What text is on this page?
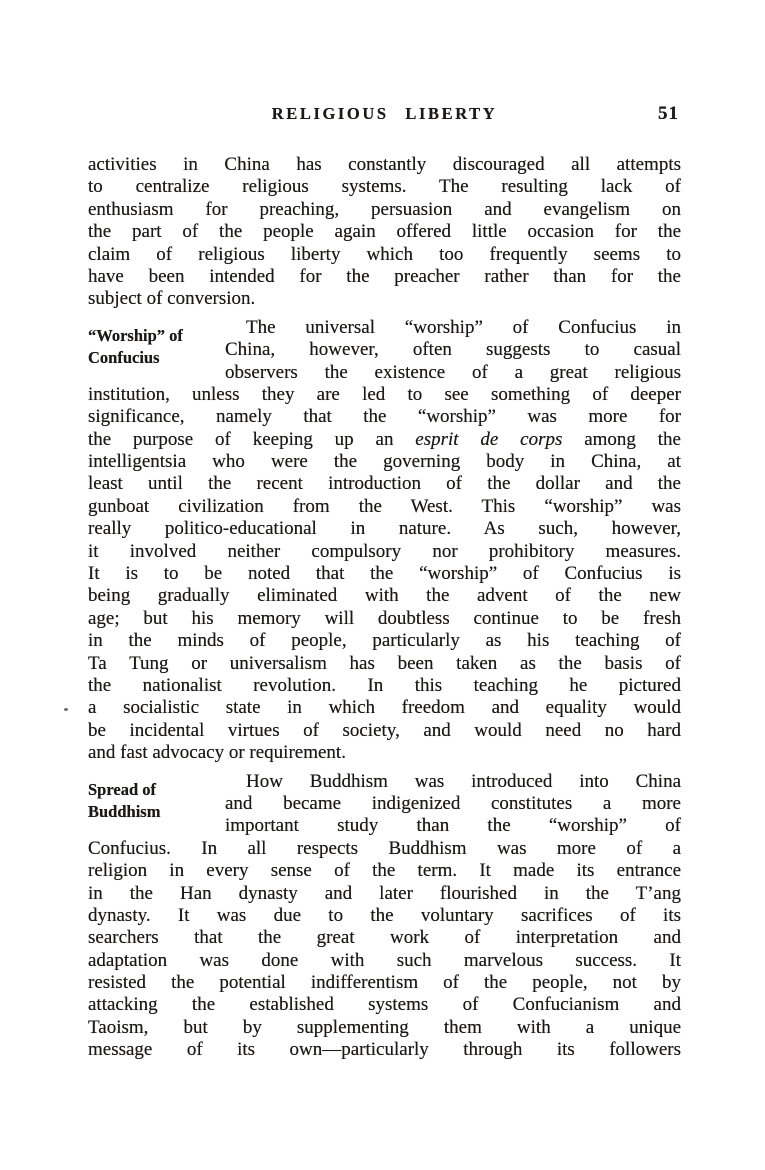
RELIGIOUS LIBERTY	51
activities in China has constantly discouraged all attempts
to centralize religious systems. The resulting lack of
enthusiasm for preaching, persuasion and evangelism on
the part of the people again offered little occasion for the
claim of religious liberty which too frequently seems to
have been intended for the preacher rather than for the
subject of conversion.
“Worship” of
Confucius
The universal “worship” of Confucius in
China, however, often suggests to casual
observers the existence of a great religious
institution, unless they are led to see something of deeper
significance, namely that the “worship” was more for
the purpose of keeping up an esprit de corps among the
intelligentsia who were the governing body in China, at
least until the recent introduction of the dollar and the
gunboat civilization from the West. This “worship” was
really politico-educational in nature. As such, however,
it involved neither compulsory nor prohibitory measures.
It is to be noted that the “worship” of Confucius is
being gradually eliminated with the advent of the new
age; but his memory will doubtless continue to be fresh
in the minds of people, particularly as his teaching of
Ta Tung or universalism has been taken as the basis of
the nationalist revolution. In this teaching he pictured
a socialistic state in which freedom and equality would
be incidental virtues of society, and would need no hard
and fast advocacy or requirement.
Spread of
Buddhism
How Buddhism was introduced into China
and became indigenized constitutes a more
important study than the “worship” of
Confucius. In all respects Buddhism was more of a
religion in every sense of the term. It made its entrance
in the Han dynasty and later flourished in the T’ang
dynasty. It was due to the voluntary sacrifices of its
searchers that the great work of interpretation and
adaptation was done with such marvelous success. It
resisted the potential indifferentism of the people, not by
attacking the established systems of Confucianism and
Taoism, but by supplementing them with a unique
message of its own—particularly through its followers
